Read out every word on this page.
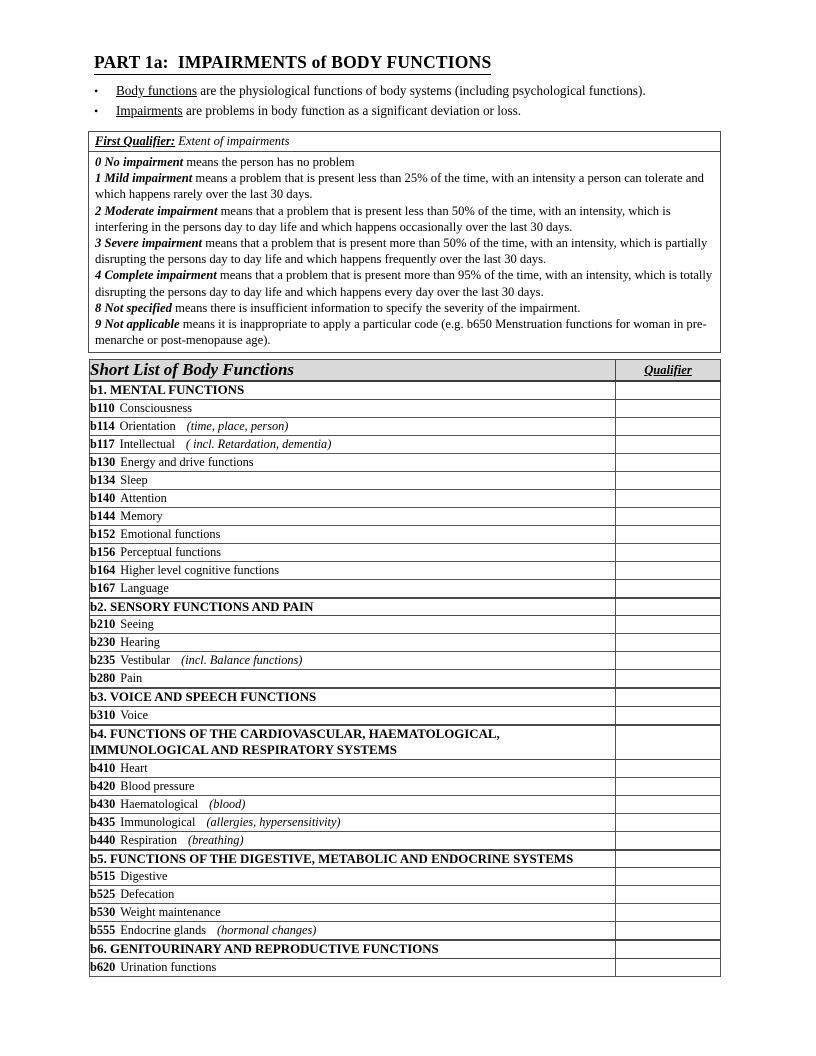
PART 1a:  IMPAIRMENTS of BODY FUNCTIONS
•	Body functions are the physiological functions of body systems (including psychological functions).
•	Impairments are problems in body function as a significant deviation or loss.
First Qualifier: Extent of impairments
0 No impairment means the person has no problem
1 Mild impairment means a problem that is present less than 25% of the time, with an intensity a person can tolerate and which happens rarely over the last 30 days.
2 Moderate impairment means that a problem that is present less than 50% of the time, with an intensity, which is interfering in the persons day to day life and which happens occasionally over the last 30 days.
3 Severe impairment means that a problem that is present more than 50% of the time, with an intensity, which is partially disrupting the persons day to day life and which happens frequently over the last 30 days.
4 Complete impairment means that a problem that is present more than 95% of the time, with an intensity, which is totally disrupting the persons day to day life and which happens every day over the last 30 days.
8 Not specified means there is insufficient information to specify the severity of the impairment.
9 Not applicable means it is inappropriate to apply a particular code (e.g. b650 Menstruation functions for woman in pre-menarche or post-menopause age).
Short List of Body Functions	Qualifier
b1. MENTAL FUNCTIONS	
b110 Consciousness	
b114 Orientation (time, place, person)	
b117 Intellectual ( incl. Retardation, dementia)	
b130 Energy and drive functions	
b134 Sleep	
b140 Attention	
b144 Memory	
b152 Emotional functions	
b156 Perceptual functions	
b164 Higher level cognitive functions	
b167 Language	
b2. SENSORY FUNCTIONS AND PAIN	
b210 Seeing	
b230 Hearing	
b235 Vestibular (incl. Balance functions)	
b280 Pain	
b3. VOICE AND SPEECH FUNCTIONS	
b310 Voice	
b4. FUNCTIONS OF THE CARDIOVASCULAR, HAEMATOLOGICAL,
IMMUNOLOGICAL AND RESPIRATORY SYSTEMS	

b410 Heart	
b420 Blood pressure	
b430 Haematological (blood)	
b435 Immunological (allergies, hypersensitivity)	
b440 Respiration (breathing)	
b5. FUNCTIONS OF THE DIGESTIVE, METABOLIC AND ENDOCRINE SYSTEMS	
b515 Digestive	
b525 Defecation	
b530 Weight maintenance	
b555 Endocrine glands (hormonal changes)	
b6. GENITOURINARY AND REPRODUCTIVE FUNCTIONS	
b620 Urination functions	
